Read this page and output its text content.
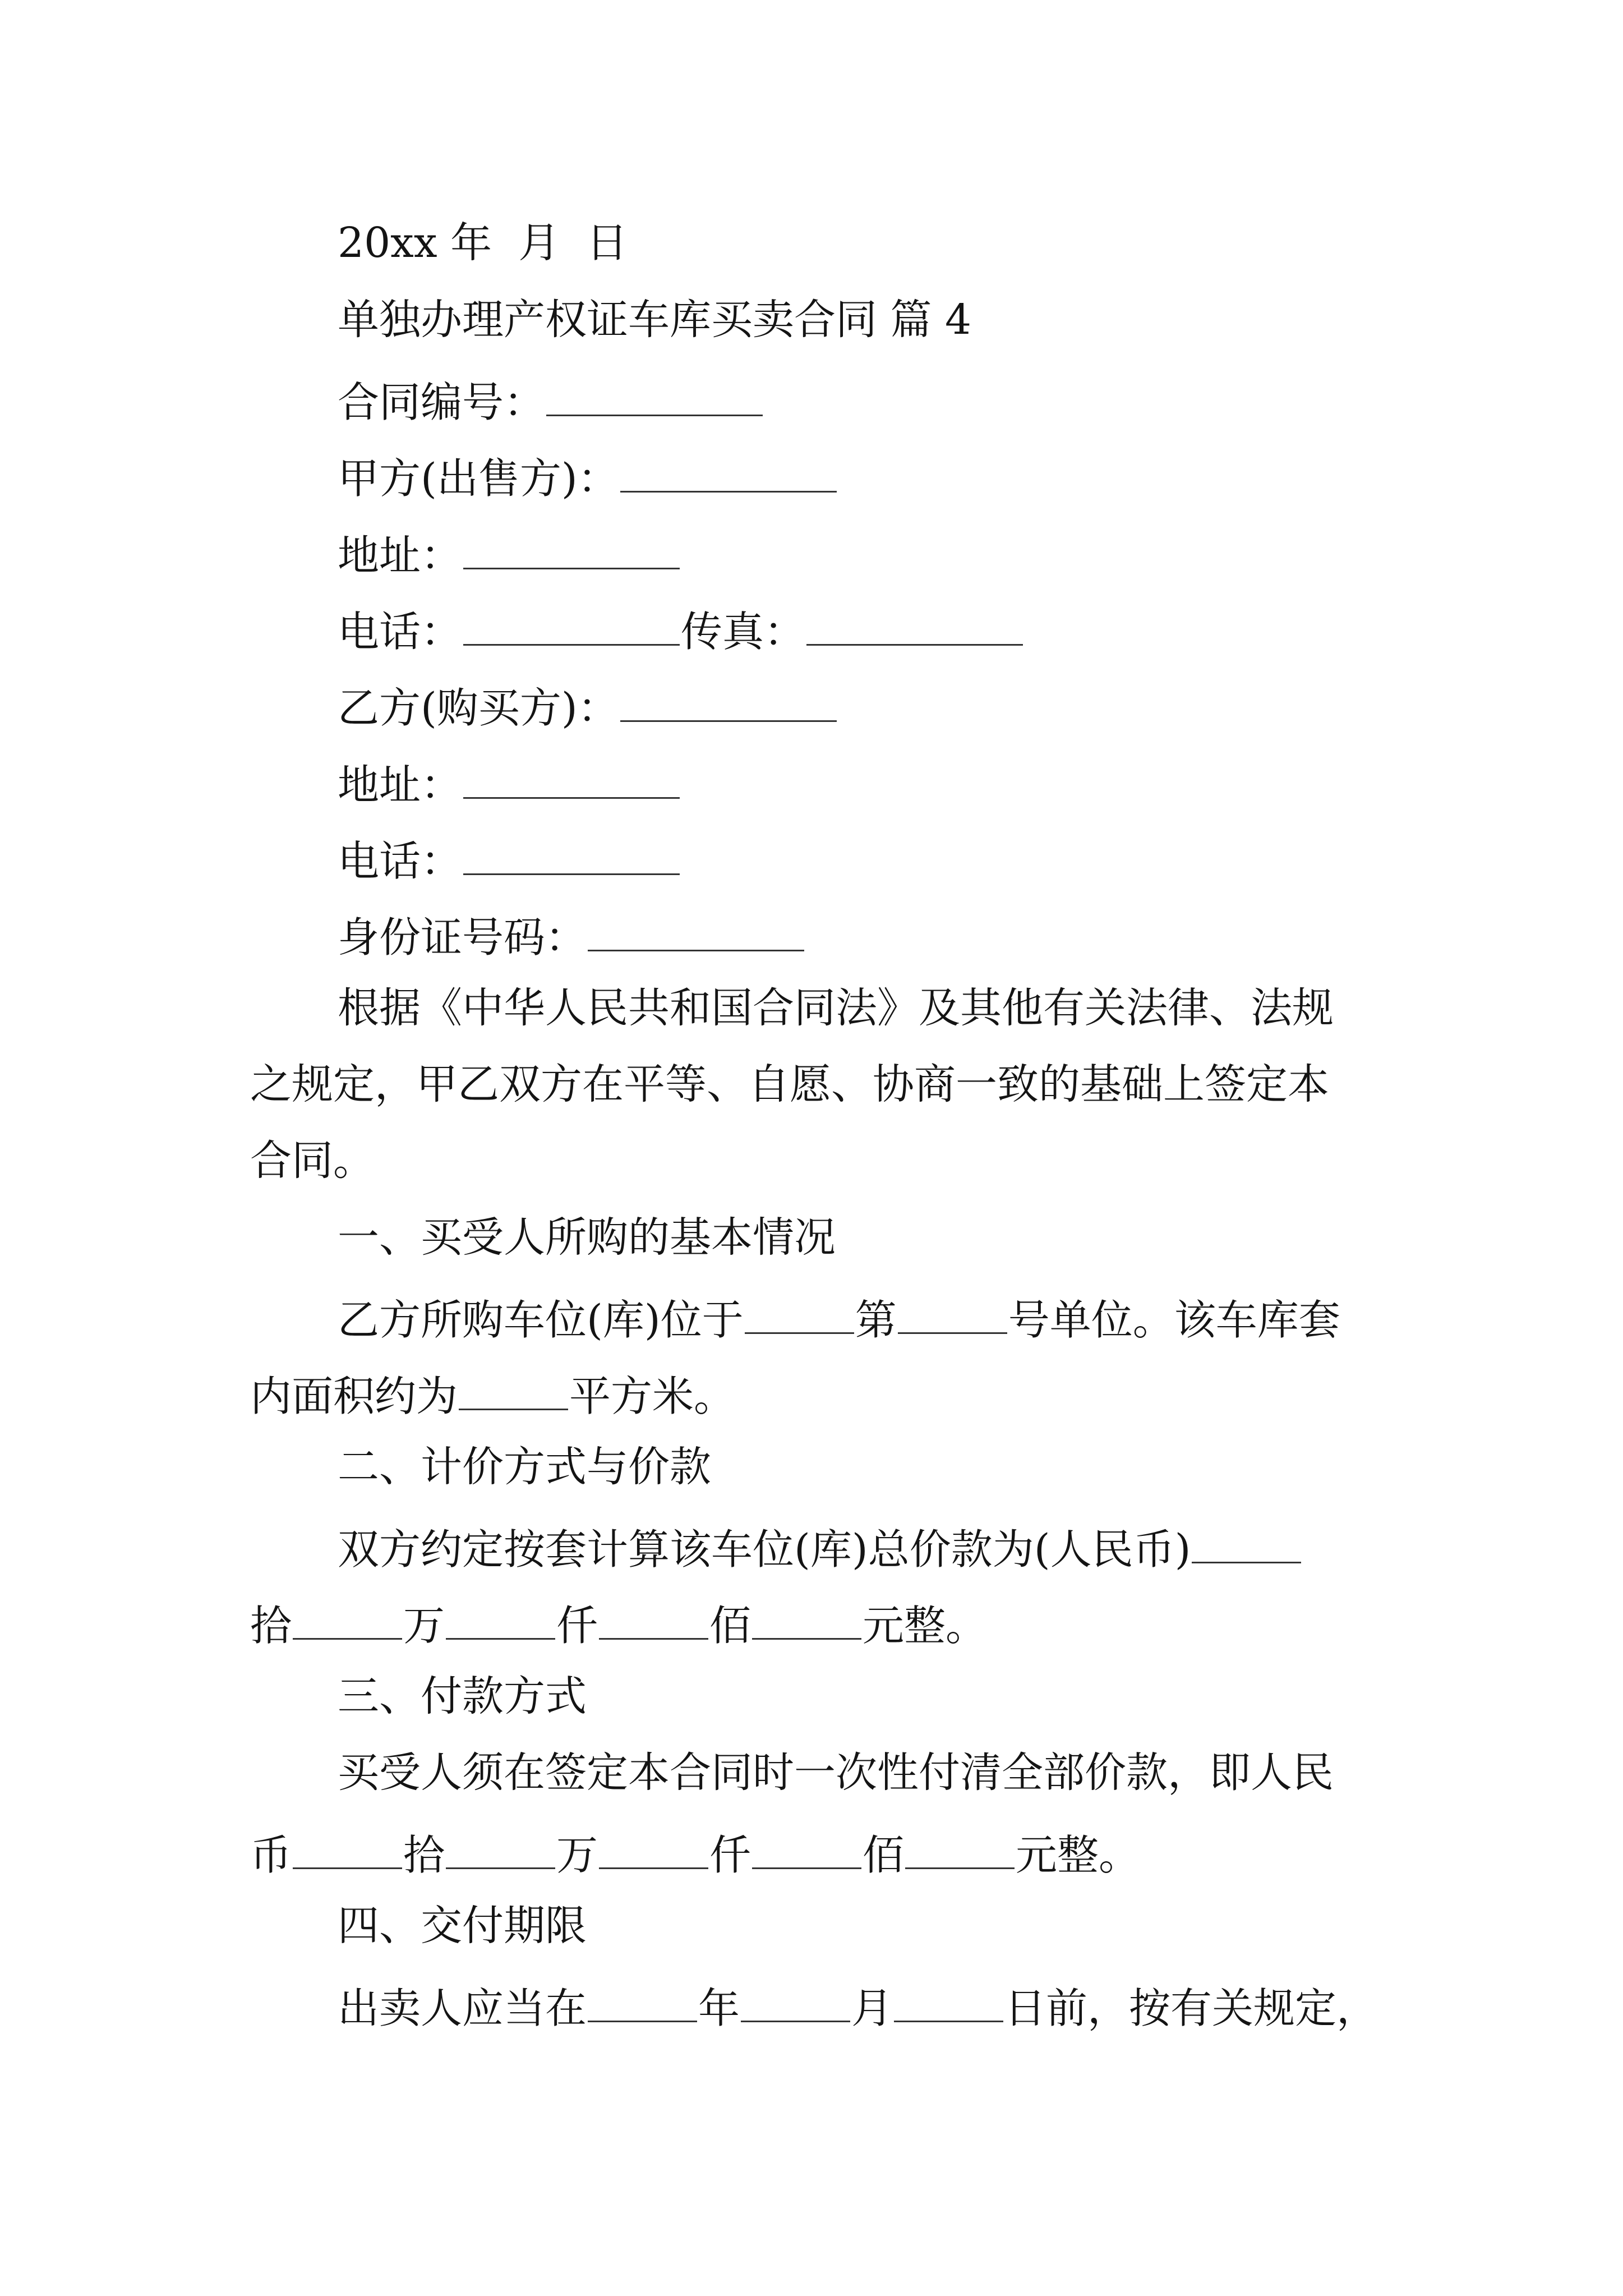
20xx 年 月 日
单独办理产权证车库买卖合同 篇 4
合同编号：
甲方(出售方)：
地址：
电话：	传真：
乙方(购买方)：
地址：
电话：
身份证号码：
根据《中华人民共和国合同法》及其他有关法律、法规
之规定，甲乙双方在平等、自愿、协商一致的基础上签定本
合同。
一、买受人所购的基本情况
乙方所购车位(库)位于	第	号单位。该车库套
内面积约为	平方米。
二、计价方式与价款
双方约定按套计算该车位(库)总价款为(人民币)
拾	万	仟	佰	元整。
三、付款方式
买受人须在签定本合同时一次性付清全部价款，即人民
币	拾	万	仟	佰	元整。
四、交付期限
出卖人应当在	年	月	日前，按有关规定，
